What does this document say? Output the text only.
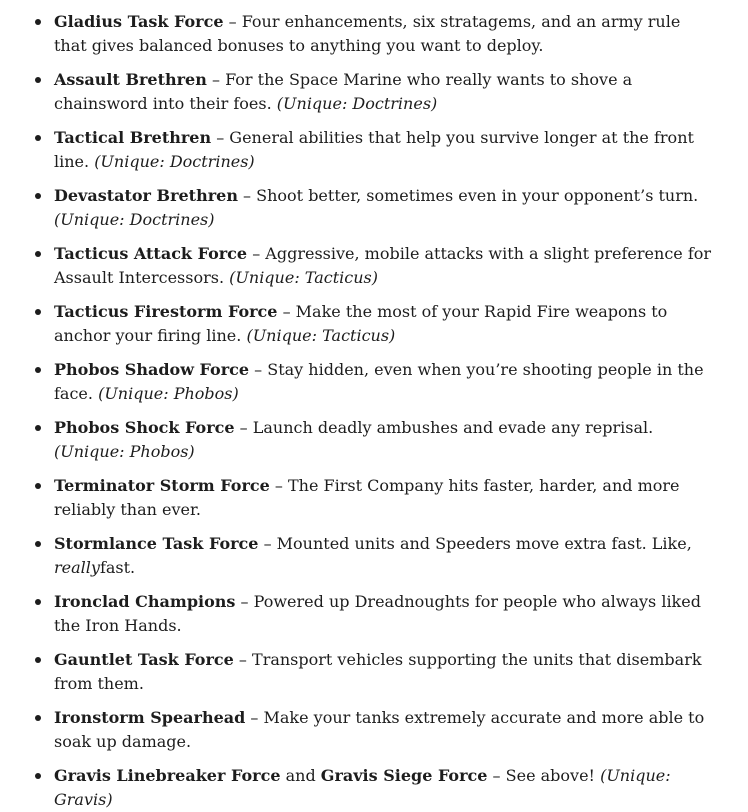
Gladius Task Force – Four enhancements, six stratagems, and an army rule that gives balanced bonuses to anything you want to deploy.
Assault Brethren – For the Space Marine who really wants to shove a chainsword into their foes. (Unique: Doctrines)
Tactical Brethren – General abilities that help you survive longer at the front line. (Unique: Doctrines)
Devastator Brethren – Shoot better, sometimes even in your opponent’s turn. (Unique: Doctrines)
Tacticus Attack Force – Aggressive, mobile attacks with a slight preference for Assault Intercessors. (Unique: Tacticus)
Tacticus Firestorm Force – Make the most of your Rapid Fire weapons to anchor your firing line. (Unique: Tacticus)
Phobos Shadow Force – Stay hidden, even when you’re shooting people in the face. (Unique: Phobos)
Phobos Shock Force – Launch deadly ambushes and evade any reprisal. (Unique: Phobos)
Terminator Storm Force – The First Company hits faster, harder, and more reliably than ever.
Stormlance Task Force – Mounted units and Speeders move extra fast. Like, reallyfast.
Ironclad Champions – Powered up Dreadnoughts for people who always liked the Iron Hands.
Gauntlet Task Force – Transport vehicles supporting the units that disembark from them.
Ironstorm Spearhead – Make your tanks extremely accurate and more able to soak up damage.
Gravis Linebreaker Force and Gravis Siege Force – See above! (Unique: Gravis)
